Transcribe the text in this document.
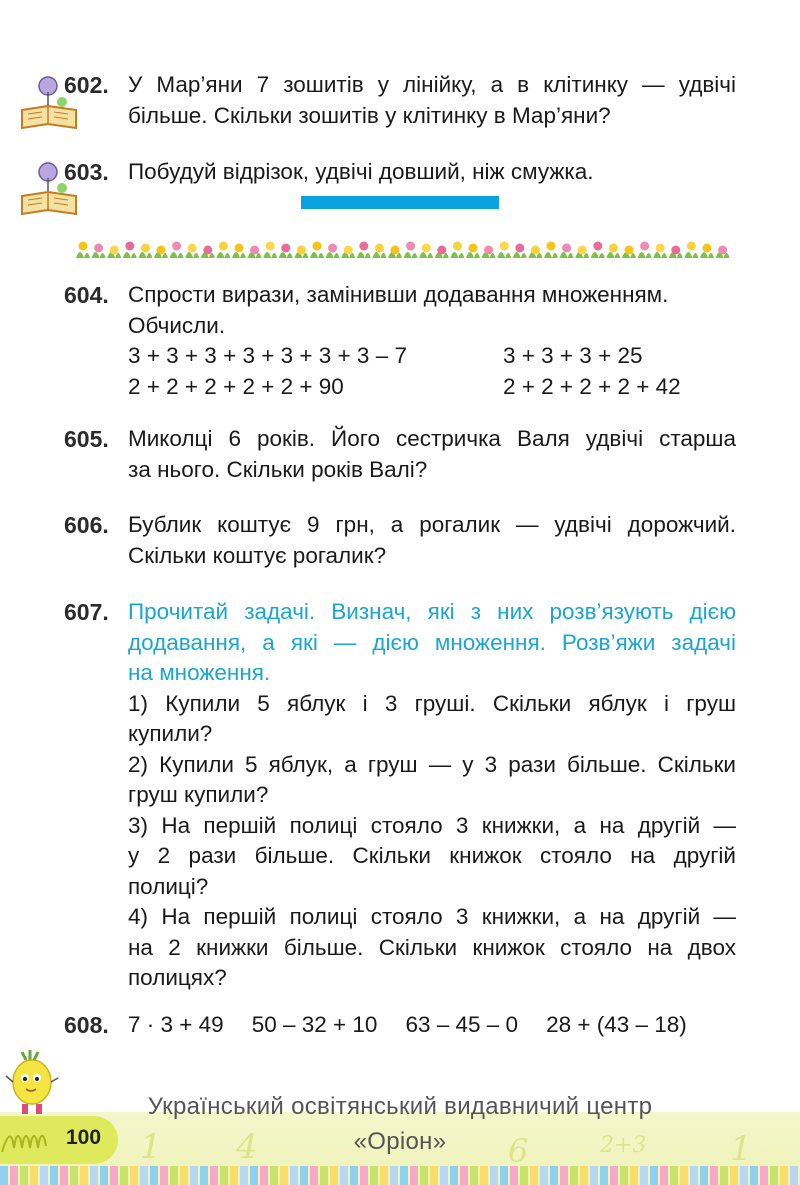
602. У Мар’яни 7 зошитів у лінійку, а в клітинку — удвічі
більше. Скільки зошитів у клітинку в Мар’яни?
603. Побудуй відрізок, удвічі довший, ніж смужка.
604. Спрости вирази, замінивши додавання множенням.
Обчисли.
3 + 3 + 3 + 3 + 3 + 3 + 3 – 7	3 + 3 + 3 + 25
2 + 2 + 2 + 2 + 2 + 90	2 + 2 + 2 + 2 + 42
605. Миколці 6 років. Його сестричка Валя удвічі старша
за нього. Скільки років Валі?
606. Бублик коштує 9 грн, а рогалик — удвічі дорожчий.
Скільки коштує рогалик?
607. Прочитай задачі. Визнач, які з них розв’язують дією
додавання, а які — дією множення. Розв’яжи задачі
на множення.
1) Купили 5 яблук і 3 груші. Скільки яблук і груш
купили?
2) Купили 5 яблук, а груш — у 3 рази більше. Скільки
груш купили?
3) На першій полиці стояло 3 книжки, а на другій —
у 2 рази більше. Скільки книжок стояло на другій
полиці?
4) На першій полиці стояло 3 книжки, а на другій —
на 2 книжки більше. Скільки книжок стояло на двох
полицях?
608. 7 · 3 + 49 50 – 32 + 10 63 – 45 – 0 28 + (43 – 18)
1 4	6	2+3 1
Український освітянський видавничий центр
100	«Оріон»
